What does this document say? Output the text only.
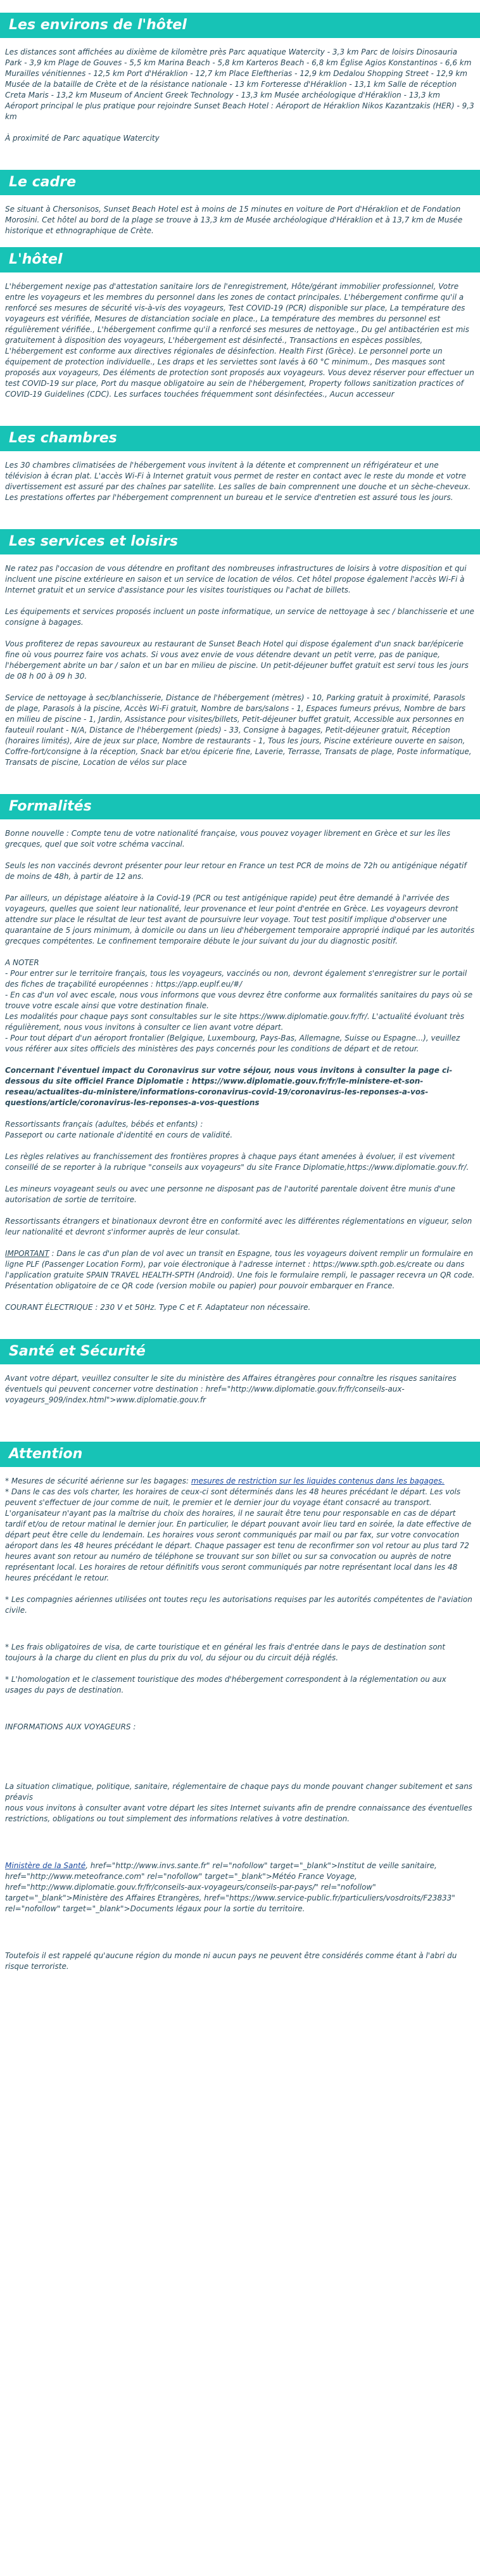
Les environs de l'hôtel

Les distances sont affichées au dixième de kilomètre près Parc aquatique Watercity - 3,3 km Parc de loisirs Dinosauria Park - 3,9 km Plage de Gouves - 5,5 km Marina Beach - 5,8 km Karteros Beach - 6,8 km Église Agios Konstantinos - 6,6 km Murailles vénitiennes - 12,5 km Port d'Héraklion - 12,7 km Place Eleftherias - 12,9 km Dedalou Shopping Street - 12,9 km Musée de la bataille de Crète et de la résistance nationale - 13 km Forteresse d'Héraklion - 13,1 km Salle de réception Creta Maris - 13,2 km Museum of Ancient Greek Technology - 13,3 km Musée archéologique d'Héraklion - 13,3 km Aéroport principal le plus pratique pour rejoindre Sunset Beach Hotel : Aéroport de Héraklion Nikos Kazantzakis (HER) - 9,3 km

À proximité de Parc aquatique Watercity

Le cadre

Se situant à Chersonisos, Sunset Beach Hotel est à moins de 15 minutes en voiture de Port d'Héraklion et de Fondation Morosini. Cet hôtel au bord de la plage se trouve à 13,3 km de Musée archéologique d'Héraklion et à 13,7 km de Musée historique et ethnographique de Crète.

L'hôtel

L'hébergement nexige pas d'attestation sanitaire lors de l'enregistrement, Hôte/gérant immobilier professionnel, Votre entre les voyageurs et les membres du personnel dans les zones de contact principales. L'hébergement confirme qu'il a renforcé ses mesures de sécurité vis-à-vis des voyageurs, Test COVID-19 (PCR) disponible sur place, La température des voyageurs est vérifiée, Mesures de distanciation sociale en place., La température des membres du personnel est régulièrement vérifiée., L'hébergement confirme qu'il a renforcé ses mesures de nettoyage., Du gel antibactérien est mis gratuitement à disposition des voyageurs, L'hébergement est désinfecté., Transactions en espèces possibles, L'hébergement est conforme aux directives régionales de désinfection. Health First (Grèce). Le personnel porte un équipement de protection individuelle., Les draps et les serviettes sont lavés à 60 °C minimum., Des masques sont proposés aux voyageurs, Des éléments de protection sont proposés aux voyageurs. Vous devez réserver pour effectuer un test COVID-19 sur place, Port du masque obligatoire au sein de l'hébergement, Property follows sanitization practices of COVID-19 Guidelines (CDC). Les surfaces touchées fréquemment sont désinfectées., Aucun accesseur

Les chambres

Les 30 chambres climatisées de l'hébergement vous invitent à la détente et comprennent un réfrigérateur et une télévision à écran plat. L'accès Wi-Fi à Internet gratuit vous permet de rester en contact avec le reste du monde et votre divertissement est assuré par des chaînes par satellite. Les salles de bain comprennent une douche et un sèche-cheveux. Les prestations offertes par l'hébergement comprennent un bureau et le service d'entretien est assuré tous les jours.

Les services et loisirs

Ne ratez pas l'occasion de vous détendre en profitant des nombreuses infrastructures de loisirs à votre disposition et qui incluent une piscine extérieure en saison et un service de location de vélos. Cet hôtel propose également l'accès Wi-Fi à Internet gratuit et un service d'assistance pour les visites touristiques ou l'achat de billets.

Les équipements et services proposés incluent un poste informatique, un service de nettoyage à sec / blanchisserie et une consigne à bagages.

Vous profiterez de repas savoureux au restaurant de Sunset Beach Hotel qui dispose également d'un snack bar/épicerie fine où vous pourrez faire vos achats. Si vous avez envie de vous détendre devant un petit verre, pas de panique, l'hébergement abrite un bar / salon et un bar en milieu de piscine. Un petit-déjeuner buffet gratuit est servi tous les jours de 08 h 00 à 09 h 30.

Service de nettoyage à sec/blanchisserie, Distance de l'hébergement (mètres) - 10, Parking gratuit à proximité, Parasols de plage, Parasols à la piscine, Accès Wi-Fi gratuit, Nombre de bars/salons - 1, Espaces fumeurs prévus, Nombre de bars en milieu de piscine - 1, Jardin, Assistance pour visites/billets, Petit-déjeuner buffet gratuit, Accessible aux personnes en fauteuil roulant - N/A, Distance de l'hébergement (pieds) - 33, Consigne à bagages, Petit-déjeuner gratuit, Réception (horaires limités), Aire de jeux sur place, Nombre de restaurants - 1, Tous les jours, Piscine extérieure ouverte en saison, Coffre-fort/consigne à la réception, Snack bar et/ou épicerie fine, Laverie, Terrasse, Transats de plage, Poste informatique, Transats de piscine, Location de vélos sur place

Formalités

Bonne nouvelle : Compte tenu de votre nationalité française, vous pouvez voyager librement en Grèce et sur les îles grecques, quel que soit votre schéma vaccinal.

Seuls les non vaccinés devront présenter pour leur retour en France un test PCR de moins de 72h ou antigénique négatif de moins de 48h, à partir de 12 ans.

Par ailleurs, un dépistage aléatoire à la Covid-19 (PCR ou test antigénique rapide) peut être demandé à l'arrivée des voyageurs, quelles que soient leur nationalité, leur provenance et leur point d'entrée en Grèce. Les voyageurs devront attendre sur place le résultat de leur test avant de poursuivre leur voyage. Tout test positif implique d'observer une quarantaine de 5 jours minimum, à domicile ou dans un lieu d'hébergement temporaire approprié indiqué par les autorités grecques compétentes. Le confinement temporaire débute le jour suivant du jour du diagnostic positif.

A NOTER
- Pour entrer sur le territoire français, tous les voyageurs, vaccinés ou non, devront également s'enregistrer sur le portail des fiches de traçabilité européennes : https://app.euplf.eu/#/
- En cas d'un vol avec escale, nous vous informons que vous devrez être conforme aux formalités sanitaires du pays où se trouve votre escale ainsi que votre destination finale.
Les modalités pour chaque pays sont consultables sur le site https://www.diplomatie.gouv.fr/fr/. L'actualité évoluant très régulièrement, nous vous invitons à consulter ce lien avant votre départ.

- Pour tout départ d'un aéroport frontalier (Belgique, Luxembourg, Pays-Bas, Allemagne, Suisse ou Espagne...), veuillez vous référer aux sites officiels des ministères des pays concernés pour les conditions de départ et de retour.

Concernant l'éventuel impact du Coronavirus sur votre séjour, nous vous invitons à consulter la page ci-dessous du site officiel France Diplomatie : https://www.diplomatie.gouv.fr/fr/le-ministere-et-son-reseau/actualites-du-ministere/informations-coronavirus-covid-19/coronavirus-les-reponses-a-vos-questions/article/coronavirus-les-reponses-a-vos-questions

Ressortissants français (adultes, bébés et enfants) :

Passeport ou carte nationale d'identité en cours de validité.

Les règles relatives au franchissement des frontières propres à chaque pays étant amenées à évoluer, il est vivement conseillé de se reporter à la rubrique "conseils aux voyageurs" du site France Diplomatie,https://www.diplomatie.gouv.fr/.

Les mineurs voyageant seuls ou avec une personne ne disposant pas de l'autorité parentale doivent être munis d'une autorisation de sortie de territoire.

Ressortissants étrangers et binationaux devront être en conformité avec les différentes réglementations en vigueur, selon leur nationalité et devront s'informer auprès de leur consulat.

IMPORTANT : Dans le cas d'un plan de vol avec un transit en Espagne, tous les voyageurs doivent remplir un formulaire en ligne PLF (Passenger Location Form), par voie électronique à l'adresse internet : https://www.spth.gob.es/create ou dans l'application gratuite SPAIN TRAVEL HEALTH-SPTH (Android). Une fois le formulaire rempli, le passager recevra un QR code. Présentation obligatoire de ce QR code (version mobile ou papier) pour pouvoir embarquer en France.

COURANT ÉLECTRIQUE : 230 V et 50Hz. Type C et F. Adaptateur non nécessaire.

Santé et Sécurité

Avant votre départ, veuillez consulter le site du ministère des Affaires étrangères pour connaître les risques sanitaires éventuels qui peuvent concerner votre destination : href="http://www.diplomatie.gouv.fr/fr/conseils-aux-voyageurs_909/index.html">www.diplomatie.gouv.fr

Attention
* Mesures de sécurité aérienne sur les bagages: mesures de restriction sur les liquides contenus dans les bagages.

* Dans le cas des vols charter, les horaires de ceux-ci sont déterminés dans les 48 heures précédant le départ. Les vols peuvent s'effectuer de jour comme de nuit, le premier et le dernier jour du voyage étant consacré au transport. L'organisateur n'ayant pas la maîtrise du choix des horaires, il ne saurait être tenu pour responsable en cas de départ tardif et/ou de retour matinal le dernier jour. En particulier, le départ pouvant avoir lieu tard en soirée, la date effective de départ peut être celle du lendemain. Les horaires vous seront communiqués par mail ou par fax, sur votre convocation aéroport dans les 48 heures précédant le départ. Chaque passager est tenu de reconfirmer son vol retour au plus tard 72 heures avant son retour au numéro de téléphone se trouvant sur son billet ou sur sa convocation ou auprès de notre représentant local. Les horaires de retour définitifs vous seront communiqués par notre représentant local dans les 48 heures précédant le retour.

* Les compagnies aériennes utilisées ont toutes reçu les autorisations requises par les autorités compétentes de l'aviation civile.

* Les frais obligatoires de visa, de carte touristique et en général les frais d'entrée dans le pays de destination sont toujours à la charge du client en plus du prix du vol, du séjour ou du circuit déjà réglés.

* L'homologation et le classement touristique des modes d'hébergement correspondent à la réglementation ou aux usages du pays de destination.

INFORMATIONS AUX VOYAGEURS :

La situation climatique, politique, sanitaire, réglementaire de chaque pays du monde pouvant changer subitement et sans préavis

nous vous invitons à consulter avant votre départ les sites Internet suivants afin de prendre connaissance des éventuelles restrictions, obligations ou tout simplement des informations relatives à votre destination.

Ministère de la Santé, href="http://www.invs.sante.fr" rel="nofollow" target="_blank">Institut de veille sanitaire, href="http://www.meteofrance.com" rel="nofollow" target="_blank">Météo France Voyage, href="http://www.diplomatie.gouv.fr/fr/conseils-aux-voyageurs/conseils-par-pays/" rel="nofollow" target="_blank">Ministère des Affaires Etrangères, href="https://www.service-public.fr/particuliers/vosdroits/F23833" rel="nofollow" target="_blank">Documents légaux pour la sortie du territoire.

Toutefois il est rappelé qu'aucune région du monde ni aucun pays ne peuvent être considérés comme étant à l'abri du risque terroriste.
